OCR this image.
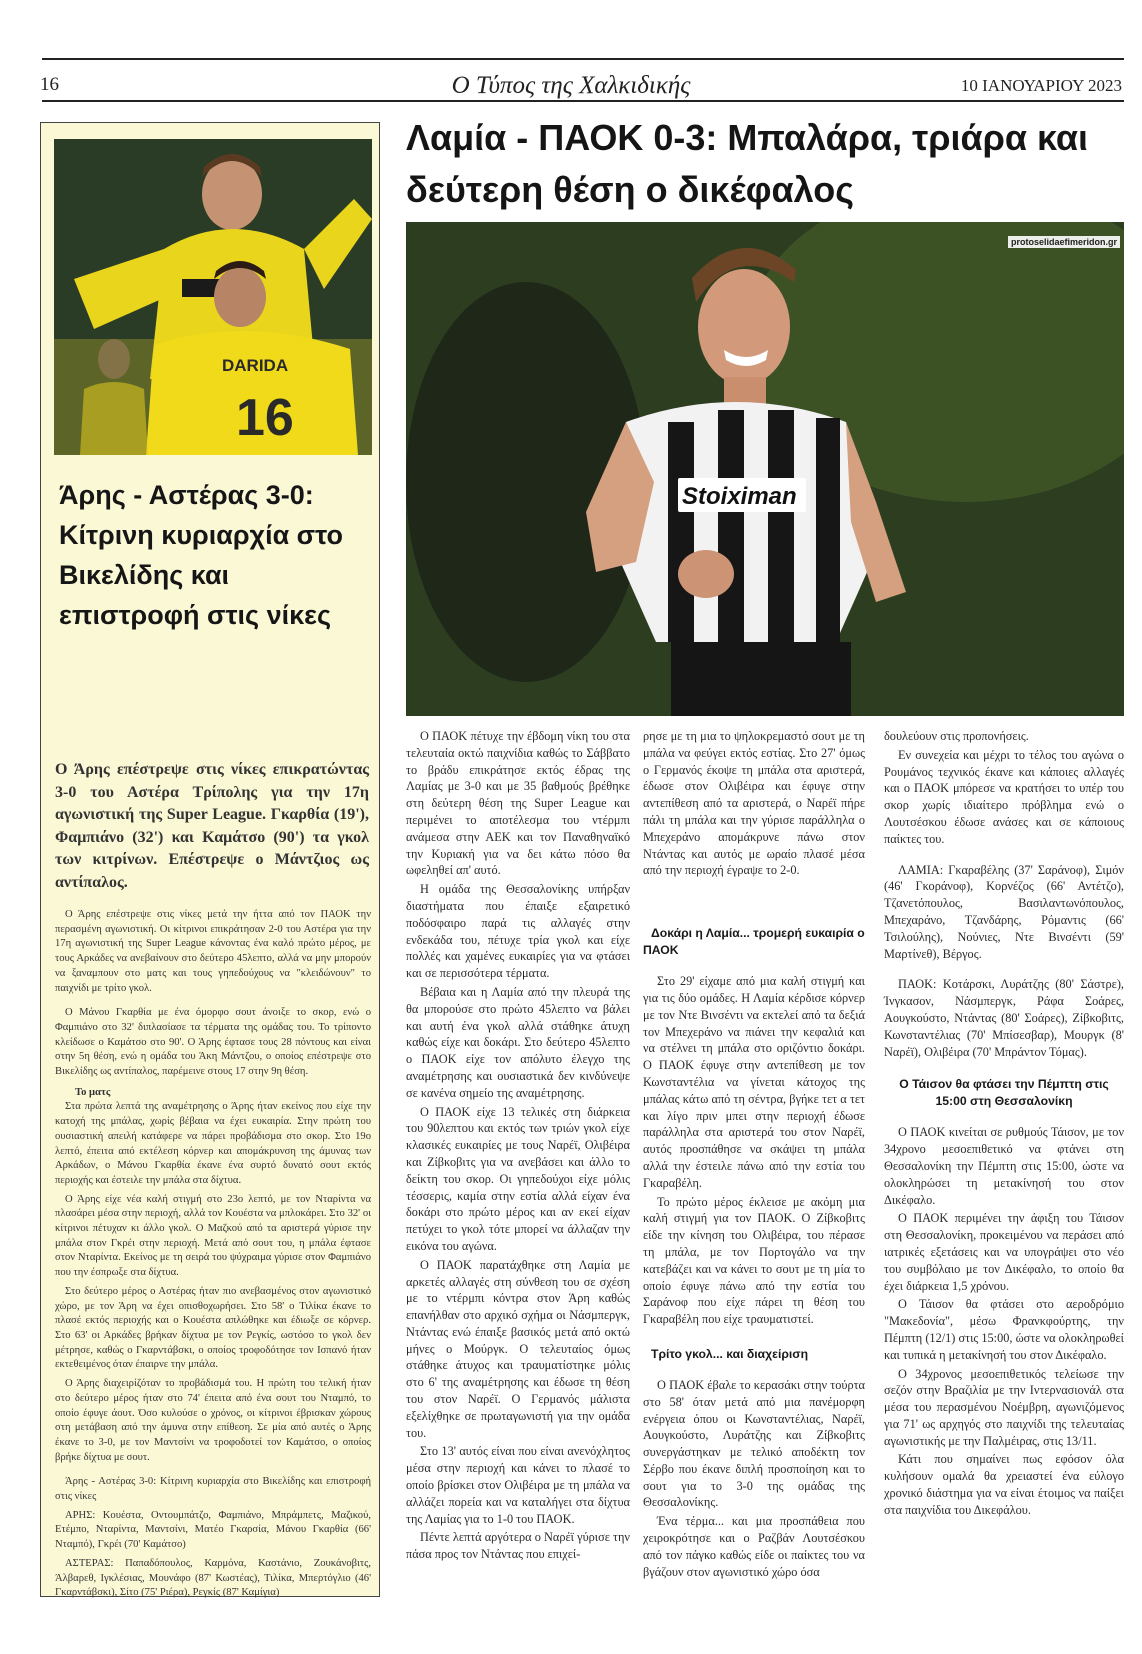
16	Ο Τύπος της Χαλκιδικής	10 ΙΑΝΟΥΑΡΙΟΥ 2023
DARIDA
16
Άρης - Αστέρας 3-0: Κίτρινη κυριαρχία στο Βικελίδης και επιστροφή στις νίκες

Ο Άρης επέστρεψε στις νίκες επικρατώντας 3-0 του Αστέρα Τρίπολης για την 17η αγωνιστική της Super League. Γκαρθία (19'), Φαμπιάνο (32') και Καμάτσο (90') τα γκολ των κιτρίνων. Επέστρεψε ο Μάντζιος ως αντίπαλος.

Ο Άρης επέστρεψε στις νίκες μετά την ήττα από τον ΠΑΟΚ την περασμένη αγωνιστική. Οι κίτρινοι επικράτησαν 2-0 του Αστέρα για την 17η αγωνιστική της Super League κάνοντας ένα καλό πρώτο μέρος, με τους Αρκάδες να ανεβαίνουν στο δεύτερο 45λεπτο, αλλά να μην μπορούν να ξαναμπουν στο ματς και τους γηπεδούχους να "κλειδώνουν" το παιχνίδι με τρίτο γκολ.

Ο Μάνου Γκαρθία με ένα όμορφο σουτ άνοιξε το σκορ, ενώ ο Φαμπιάνο στο 32' διπλασίασε τα τέρματα της ομάδας του. Το τρίποντο κλείδωσε ο Καμάτσο στο 90'. Ο Άρης έφτασε τους 28 πόντους και είναι στην 5η θέση, ενώ η ομάδα του Άκη Μάντζου, ο οποίος επέστρεψε στο Βικελίδης ως αντίπαλος, παρέμεινε στους 17 στην 9η θέση.

Το ματς

Στα πρώτα λεπτά της αναμέτρησης ο Άρης ήταν εκείνος που είχε την κατοχή της μπάλας, χωρίς βέβαια να έχει ευκαιρία. Στην πρώτη του ουσιαστική απειλή κατάφερε να πάρει προβάδισμα στο σκορ. Στο 19ο λεπτό, έπειτα από εκτέλεση κόρνερ και απομάκρυνση της άμυνας των Αρκάδων, ο Μάνου Γκαρθία έκανε ένα συρτό δυνατό σουτ εκτός περιοχής και έστειλε την μπάλα στα δίχτυα.

Ο Άρης είχε νέα καλή στιγμή στο 23ο λεπτό, με τον Νταρίντα να πλασάρει μέσα στην περιοχή, αλλά τον Κουέστα να μπλοκάρει. Στο 32' οι κίτρινοι πέτυχαν κι άλλο γκολ. Ο Μαζκού από τα αριστερά γύρισε την μπάλα στον Γκρέι στην περιοχή. Μετά από σουτ του, η μπάλα έφτασε στον Νταρίντα. Εκείνος με τη σειρά του ψύχραιμα γύρισε στον Φαμπιάνο που την έσπρωξε στα δίχτυα.

Στο δεύτερο μέρος ο Αστέρας ήταν πιο ανεβασμένος στον αγωνιστικό χώρο, με τον Άρη να έχει οπισθοχωρήσει. Στο 58' ο Τιλίκα έκανε το πλασέ εκτός περιοχής και ο Κουέστα απλώθηκε και έδιωξε σε κόρνερ. Στο 63' οι Αρκάδες βρήκαν δίχτυα με τον Ρεγκίς, ωστόσο το γκολ δεν μέτρησε, καθώς ο Γκαρντάβσκι, ο οποίος τροφοδότησε τον Ισπανό ήταν εκτεθειμένος όταν έπαιρνε την μπάλα.

Ο Άρης διαχειρίζόταν το προβάδισμά του. Η πρώτη του τελική ήταν στο δεύτερο μέρος ήταν στο 74' έπειτα από ένα σουτ του Νταμπό, το οποίο έφυγε άουτ. Όσο κυλούσε ο χρόνος, οι κίτρινοι έβρισκαν χώρους στη μετάβαση από την άμυνα στην επίθεση. Σε μία από αυτές ο Άρης έκανε το 3-0, με τον Μαντσίνι να τροφοδοτεί τον Καμάτσο, ο οποίος βρήκε δίχτυα με σουτ.

Άρης - Αστέρας 3-0: Κίτρινη κυριαρχία στο Βικελίδης και επιστροφή στις νίκες

ΑΡΗΣ: Κουέστα, Οντουμπάτζο, Φαμπιάνο, Μπράμπετς, Μαζικού, Ετέμπο, Νταρίντα, Μαντσίνι, Ματέο Γκαρσία, Μάνου Γκαρθία (66' Νταμπό), Γκρέι (70' Καμάτσο)

ΑΣΤΕΡΑΣ: Παπαδόπουλος, Καρμόνα, Καστάνιο, Ζουκάνοβιτς, Άλβαρεθ, Ιγκλέσιας, Μουνάφο (87' Κωστέας), Τιλίκα, Μπερτόγλιο (46' Γκαρντάβσκι), Σίτο (75' Ριέρα), Ρεγκίς (87' Καμίγια)

Λαμία - ΠΑΟΚ 0-3: Μπαλάρα, τριάρα και δεύτερη θέση ο δικέφαλος
Stoiximan
protoselidaefimeridon.gr

Ο ΠΑΟΚ πέτυχε την έβδομη νίκη του στα τελευταία οκτώ παιχνίδια καθώς το Σάββατο το βράδυ επικράτησε εκτός έδρας της Λαμίας με 3-0 και με 35 βαθμούς βρέθηκε στη δεύτερη θέση της Super League και περιμένει το αποτέλεσμα του ντέρμπι ανάμεσα στην ΑΕΚ και τον Παναθηναϊκό την Κυριακή για να δει κάτω πόσο θα ωφεληθεί απ' αυτό.

Η ομάδα της Θεσσαλονίκης υπήρξαν διαστήματα που έπαιξε εξαιρετικό ποδόσφαιρο παρά τις αλλαγές στην ενδεκάδα του, πέτυχε τρία γκολ και είχε πολλές και χαμένες ευκαιρίες για να φτάσει και σε περισσότερα τέρματα.

Βέβαια και η Λαμία από την πλευρά της θα μπορούσε στο πρώτο 45λεπτο να βάλει και αυτή ένα γκολ αλλά στάθηκε άτυχη καθώς είχε και δοκάρι. Στο δεύτερο 45λεπτο ο ΠΑΟΚ είχε τον απόλυτο έλεγχο της αναμέτρησης και ουσιαστικά δεν κινδύνεψε σε κανένα σημείο της αναμέτρησης.

Ο ΠΑΟΚ είχε 13 τελικές στη διάρκεια του 90λεπτου και εκτός των τριών γκολ είχε κλασικές ευκαιρίες με τους Ναρέϊ, Ολιβέιρα και Ζίβκοβιτς για να ανεβάσει και άλλο το δείκτη του σκορ. Οι γηπεδούχοι είχε μόλις τέσσερις, καμία στην εστία αλλά είχαν ένα δοκάρι στο πρώτο μέρος και αν εκεί είχαν πετύχει το γκολ τότε μπορεί να άλλαζαν την εικόνα του αγώνα.

Ο ΠΑΟΚ παρατάχθηκε στη Λαμία με αρκετές αλλαγές στη σύνθεση του σε σχέση με το ντέρμπι κόντρα στον Άρη καθώς επανήλθαν στο αρχικό σχήμα οι Νάσμπεργκ, Ντάντας ενώ έπαιξε βασικός μετά από οκτώ μήνες ο Μούργκ. Ο τελευταίος όμως στάθηκε άτυχος και τραυματίστηκε μόλις στο 6' της αναμέτρησης και έδωσε τη θέση του στον Ναρέϊ. Ο Γερμανός μάλιστα εξελίχθηκε σε πρωταγωνιστή για την ομάδα του.

Στο 13' αυτός είναι που είναι ανενόχλητος μέσα στην περιοχή και κάνει το πλασέ το οποίο βρίσκει στον Ολιβέιρα με τη μπάλα να αλλάζει πορεία και να καταλήγει στα δίχτυα της Λαμίας για το 1-0 του ΠΑΟΚ.

Πέντε λεπτά αργότερα ο Ναρέϊ γύρισε την πάσα προς τον Ντάντας που επιχεί-

ρησε με τη μια το ψηλοκρεμαστό σουτ με τη μπάλα να φεύγει εκτός εστίας. Στο 27' όμως ο Γερμανός έκοψε τη μπάλα στα αριστερά, έδωσε στον Ολιβέιρα και έφυγε στην αντεπίθεση από τα αριστερά, ο Ναρέϊ πήρε πάλι τη μπάλα και την γύρισε παράλληλα ο Μπεχεράνο απομάκρυνε πάνω στον Ντάντας και αυτός με ωραίο πλασέ μέσα από την περιοχή έγραψε το 2-0.

Δοκάρι η Λαμία... τρομερή ευκαιρία ο ΠΑΟΚ

Στο 29' είχαμε από μια καλή στιγμή και για τις δύο ομάδες. Η Λαμία κέρδισε κόρνερ με τον Ντε Βινσέντι να εκτελεί από τα δεξιά τον Μπεχεράνο να πιάνει την κεφαλιά και να στέλνει τη μπάλα στο οριζόντιο δοκάρι. Ο ΠΑΟΚ έφυγε στην αντεπίθεση με τον Κωνσταντέλια να γίνεται κάτοχος της μπάλας κάτω από τη σέντρα, βγήκε τετ α τετ και λίγο πριν μπει στην περιοχή έδωσε παράλληλα στα αριστερά του στον Ναρέϊ, αυτός προσπάθησε να σκάψει τη μπάλα αλλά την έστειλε πάνω από την εστία του Γκαραβέλη.

Το πρώτο μέρος έκλεισε με ακόμη μια καλή στιγμή για τον ΠΑΟΚ. Ο Ζίβκοβιτς είδε την κίνηση του Ολιβέιρα, του πέρασε τη μπάλα, με τον Πορτογάλο να την κατεβάζει και να κάνει το σουτ με τη μία το οποίο έφυγε πάνω από την εστία του Σαράνοφ που είχε πάρει τη θέση του Γκαραβέλη που είχε τραυματιστεί.

Τρίτο γκολ... και διαχείριση

Ο ΠΑΟΚ έβαλε το κερασάκι στην τούρτα στο 58' όταν μετά από μια πανέμορφη ενέργεια όπου οι Κωνσταντέλιας, Ναρέϊ, Αουγκούστο, Λυράτζης και Ζίβκοβιτς συνεργάστηκαν με τελικό αποδέκτη τον Σέρβο που έκανε διπλή προσποίηση και το σουτ για το 3-0 της ομάδας της Θεσσαλονίκης.

Ένα τέρμα... και μια προσπάθεια που χειροκρότησε και ο Ραζβάν Λουτσέσκου από τον πάγκο καθώς είδε οι παίκτες του να βγάζουν στον αγωνιστικό χώρο όσα

δουλεύουν στις προπονήσεις.

Εν συνεχεία και μέχρι το τέλος του αγώνα ο Ρουμάνος τεχνικός έκανε και κάποιες αλλαγές και ο ΠΑΟΚ μπόρεσε να κρατήσει το υπέρ του σκορ χωρίς ιδιαίτερο πρόβλημα ενώ ο Λουτσέσκου έδωσε ανάσες και σε κάποιους παίκτες του.

ΛΑΜΙΑ: Γκαραβέλης (37' Σαράνοφ), Σιμόν (46' Γκοράνοφ), Κορνέζος (66' Αντέτζο), Τζανετόπουλος, Βασιλαντωνόπουλος, Μπεχαράνο, Τζανδάρης, Ρόμαντις (66' Τσιλούλης), Νούνιες, Ντε Βινσέντι (59' Μαρτίνεθ), Βέργος.

ΠΑΟΚ: Κοτάρσκι, Λυράτζης (80' Σάστρε), Ίνγκασον, Νάσμπεργκ, Ράφα Σοάρες, Αουγκούστο, Ντάντας (80' Σοάρες), Ζίβκοβιτς, Κωνσταντέλιας (70' Μπίσεσβαρ), Μουργκ (8' Ναρέϊ), Ολιβέιρα (70' Μπράντον Τόμας).

Ο Τάισον θα φτάσει την Πέμπτη στις 15:00 στη Θεσσαλονίκη

Ο ΠΑΟΚ κινείται σε ρυθμούς Τάισον, με τον 34χρονο μεσοεπιθετικό να φτάνει στη Θεσσαλονίκη την Πέμπτη στις 15:00, ώστε να ολοκληρώσει τη μετακίνησή του στον Δικέφαλο.

Ο ΠΑΟΚ περιμένει την άφιξη του Τάισον στη Θεσσαλονίκη, προκειμένου να περάσει από ιατρικές εξετάσεις και να υπογράψει στο νέο του συμβόλαιο με τον Δικέφαλο, το οποίο θα έχει διάρκεια 1,5 χρόνου.

Ο Τάισον θα φτάσει στο αεροδρόμιο "Μακεδονία", μέσω Φρανκφούρτης, την Πέμπτη (12/1) στις 15:00, ώστε να ολοκληρωθεί και τυπικά η μετακίνησή του στον Δικέφαλο.

Ο 34χρονος μεσοεπιθετικός τελείωσε την σεζόν στην Βραζιλία με την Ιντερνασιονάλ στα μέσα του περασμένου Νοέμβρη, αγωνιζόμενος για 71' ως αρχηγός στο παιχνίδι της τελευταίας αγωνιστικής με την Παλμέιρας, στις 13/11.

Κάτι που σημαίνει πως εφόσον όλα κυλήσουν ομαλά θα χρειαστεί ένα εύλογο χρονικό διάστημα για να είναι έτοιμος να παίξει στα παιχνίδια του Δικεφάλου.
